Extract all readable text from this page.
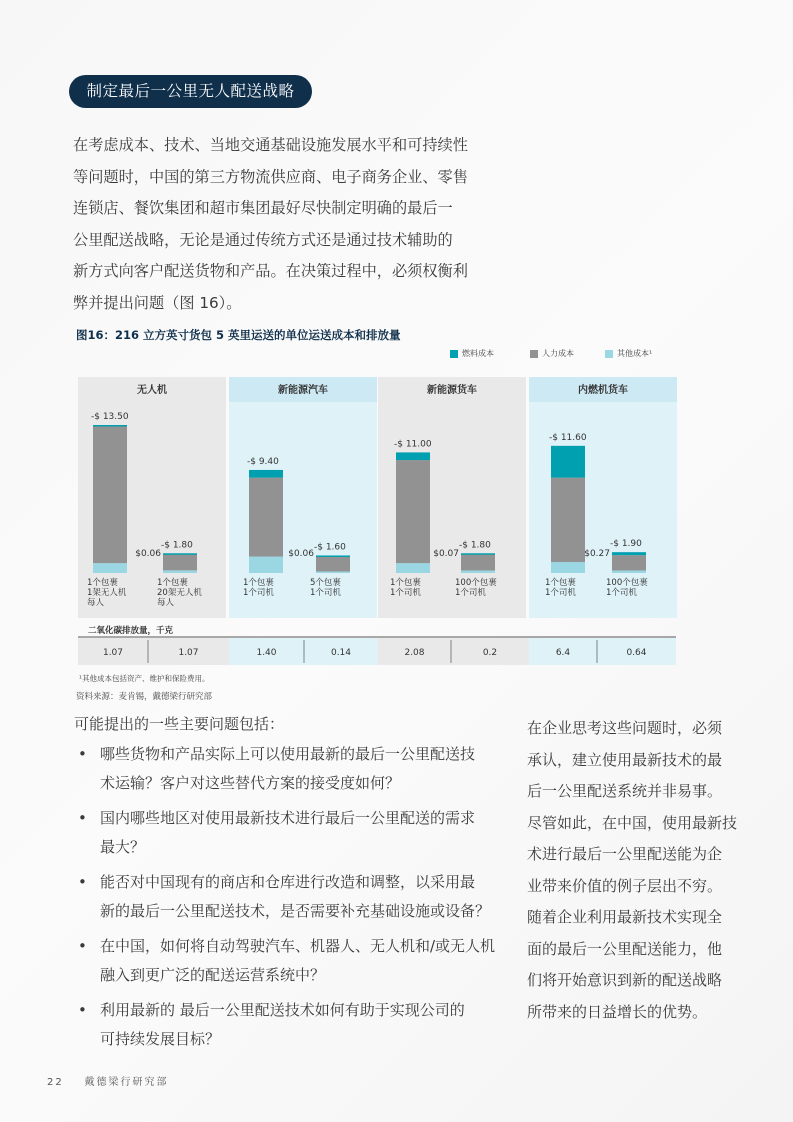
制定最后一公里无人配送战略
在考虑成本、技术、当地交通基础设施发展水平和可持续性
等问题时，中国的第三方物流供应商、电子商务企业、零售
连锁店、餐饮集团和超市集团最好尽快制定明确的最后一
公里配送战略，无论是通过传统方式还是通过技术辅助的
新方式向客户配送货物和产品。在决策过程中，必须权衡利
弊并提出问题（图 16）。
图16：216 立方英寸货包 5 英里运送的单位运送成本和排放量
燃料成本	人力成本	其他成本¹
无人机	新能源汽车	新能源货车	内燃机货车
-$ 13.50
1个包裹
1架无人机
每人
-$ 1.80
$0.06
1个包裹
20架无人机
每人
-$ 9.40
1个包裹
1个司机
-$ 1.60
$0.06
5个包裹
1个司机
-$ 11.00
1个包裹
1个司机
-$ 1.80
$0.07
100个包裹
1个司机
-$ 11.60
1个包裹
1个司机
-$ 1.90
$0.27
100个包裹
1个司机
1.07	1.07	1.40	0.14	2.08	0.2	6.4	0.64
二氧化碳排放量，千克
¹其他成本包括资产、维护和保险费用。
资料来源：麦肯锡，戴德梁行研究部
可能提出的一些主要问题包括：
• 哪些货物和产品实际上可以使用最新的最后一公里配送技
术运输？客户对这些替代方案的接受度如何？
• 国内哪些地区对使用最新技术进行最后一公里配送的需求
最大？
• 能否对中国现有的商店和仓库进行改造和调整，以采用最
新的最后一公里配送技术，是否需要补充基础设施或设备？
• 在中国，如何将自动驾驶汽车、机器人、无人机和/或无人机
融入到更广泛的配送运营系统中？
• 利用最新的 最后一公里配送技术如何有助于实现公司的
可持续发展目标？
在企业思考这些问题时，必须
承认，建立使用最新技术的最
后一公里配送系统并非易事。
尽管如此，在中国，使用最新技
术进行最后一公里配送能为企
业带来价值的例子层出不穷。
随着企业利用最新技术实现全
面的最后一公里配送能力，他
们将开始意识到新的配送战略
所带来的日益增长的优势。
22 戴德梁行研究部
